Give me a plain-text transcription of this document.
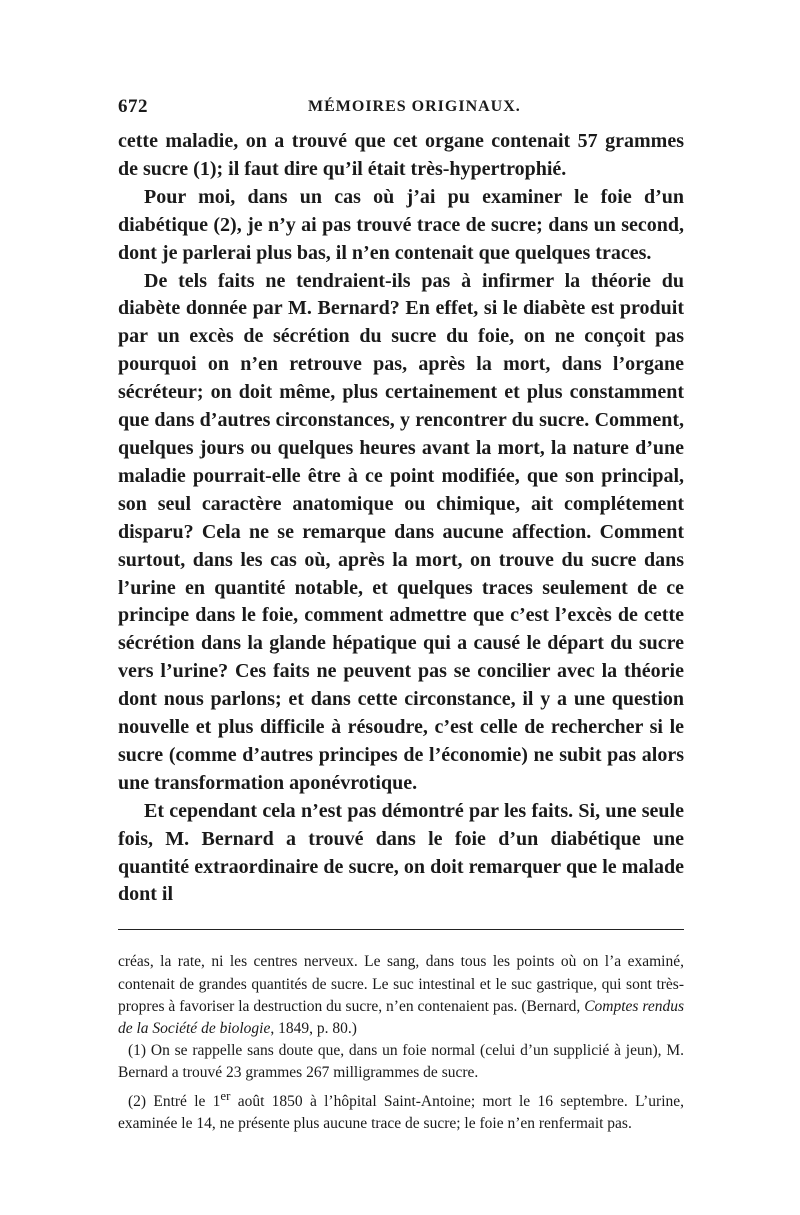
672	MÉMOIRES ORIGINAUX.

cette maladie, on a trouvé que cet organe contenait 57 grammes de sucre (1); il faut dire qu’il était très-hypertrophié.

Pour moi, dans un cas où j’ai pu examiner le foie d’un diabétique (2), je n’y ai pas trouvé trace de sucre; dans un second, dont je parlerai plus bas, il n’en contenait que quelques traces.

De tels faits ne tendraient-ils pas à infirmer la théorie du diabète donnée par M. Bernard? En effet, si le diabète est produit par un excès de sécrétion du sucre du foie, on ne conçoit pas pourquoi on n’en retrouve pas, après la mort, dans l’organe sécréteur; on doit même, plus certainement et plus constamment que dans d’autres circonstances, y rencontrer du sucre. Comment, quelques jours ou quelques heures avant la mort, la nature d’une maladie pourrait-elle être à ce point modifiée, que son principal, son seul caractère anatomique ou chimique, ait complétement disparu? Cela ne se remarque dans aucune affection. Comment surtout, dans les cas où, après la mort, on trouve du sucre dans l’urine en quantité notable, et quelques traces seulement de ce principe dans le foie, comment admettre que c’est l’excès de cette sécrétion dans la glande hépatique qui a causé le départ du sucre vers l’urine? Ces faits ne peuvent pas se concilier avec la théorie dont nous parlons; et dans cette circonstance, il y a une question nouvelle et plus difficile à résoudre, c’est celle de rechercher si le sucre (comme d’autres principes de l’économie) ne subit pas alors une transformation aponévrotique.

Et cependant cela n’est pas démontré par les faits. Si, une seule fois, M. Bernard a trouvé dans le foie d’un diabétique une quantité extraordinaire de sucre, on doit remarquer que le malade dont il

créas, la rate, ni les centres nerveux. Le sang, dans tous les points où on l’a examiné, contenait de grandes quantités de sucre. Le suc intestinal et le suc gastrique, qui sont très-propres à favoriser la destruction du sucre, n’en contenaient pas. (Bernard, Comptes rendus de la Société de biologie, 1849, p. 80.)

(1) On se rappelle sans doute que, dans un foie normal (celui d’un supplicié à jeun), M. Bernard a trouvé 23 grammes 267 milligrammes de sucre.

(2) Entré le 1er août 1850 à l’hôpital Saint-Antoine; mort le 16 septembre. L’urine, examinée le 14, ne présente plus aucune trace de sucre; le foie n’en renfermait pas.
